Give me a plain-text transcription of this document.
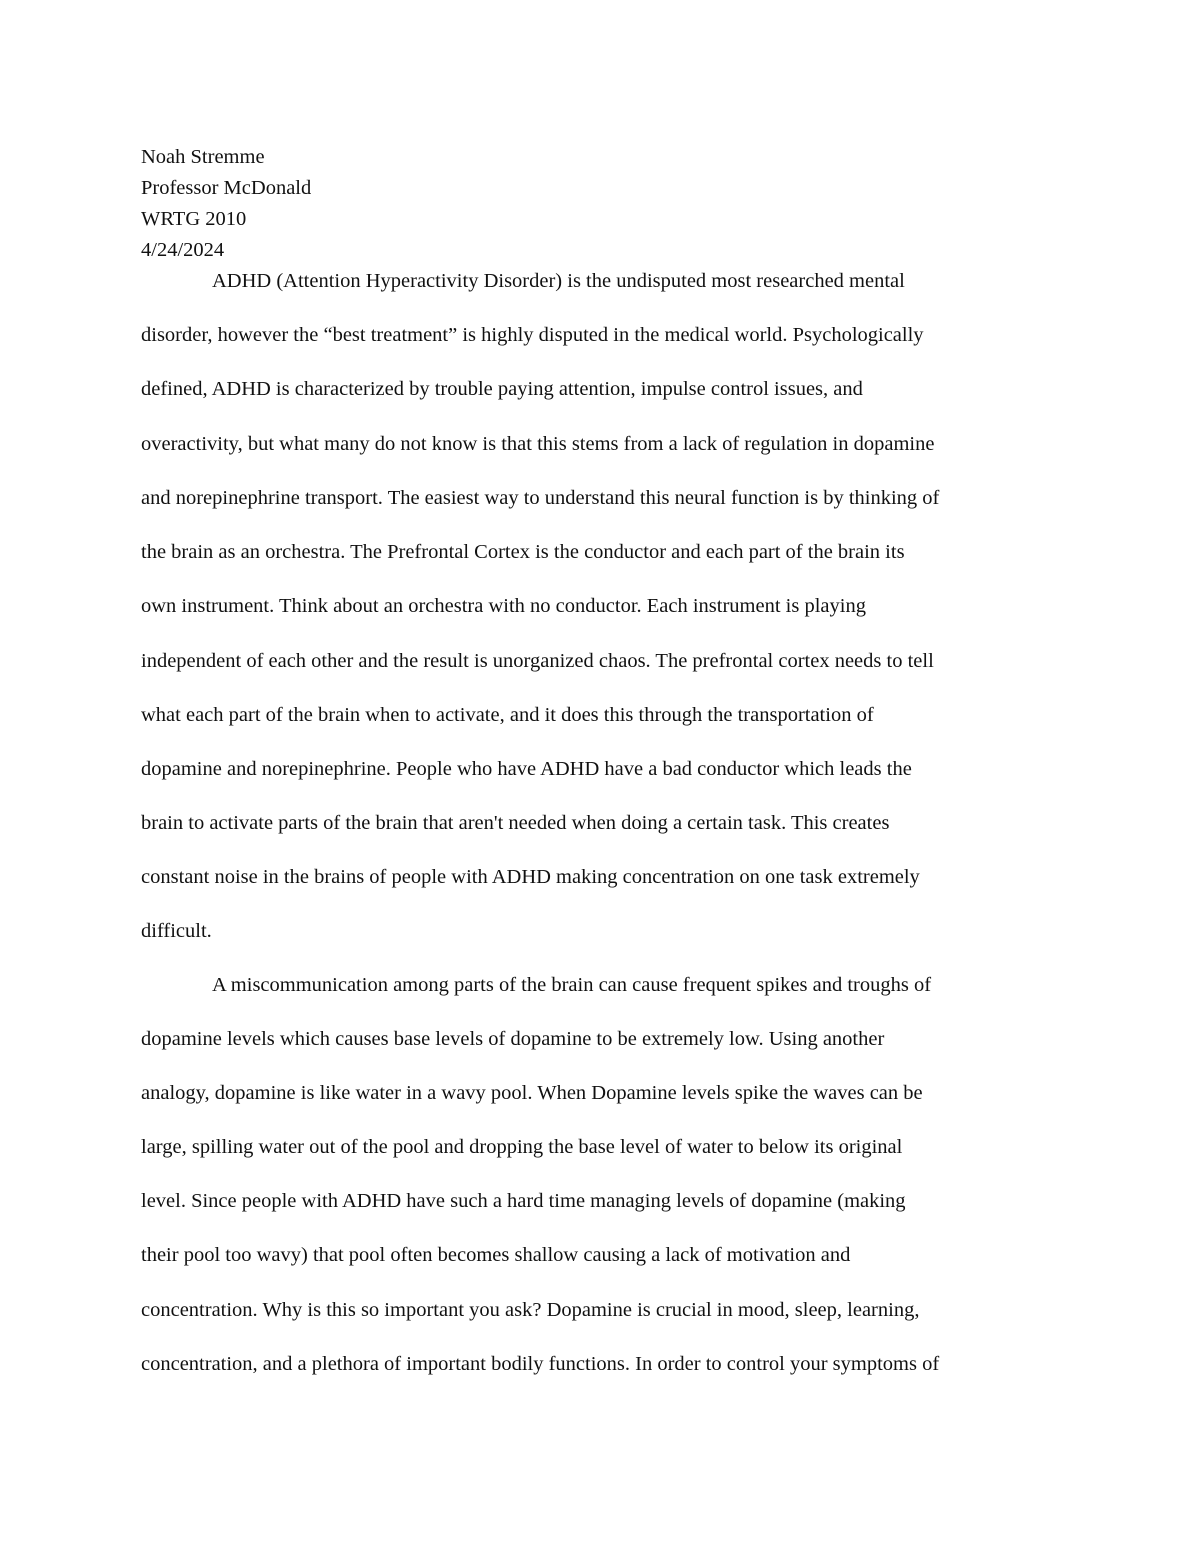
Noah Stremme
Professor McDonald
WRTG 2010
4/24/2024
ADHD (Attention Hyperactivity Disorder) is the undisputed most researched mental
disorder, however the “best treatment” is highly disputed in the medical world. Psychologically
defined, ADHD is characterized by trouble paying attention, impulse control issues, and
overactivity, but what many do not know is that this stems from a lack of regulation in dopamine
and norepinephrine transport. The easiest way to understand this neural function is by thinking of
the brain as an orchestra. The Prefrontal Cortex is the conductor and each part of the brain its
own instrument. Think about an orchestra with no conductor. Each instrument is playing
independent of each other and the result is unorganized chaos. The prefrontal cortex needs to tell
what each part of the brain when to activate, and it does this through the transportation of
dopamine and norepinephrine. People who have ADHD have a bad conductor which leads the
brain to activate parts of the brain that aren't needed when doing a certain task. This creates
constant noise in the brains of people with ADHD making concentration on one task extremely
difficult.
A miscommunication among parts of the brain can cause frequent spikes and troughs of
dopamine levels which causes base levels of dopamine to be extremely low. Using another
analogy, dopamine is like water in a wavy pool. When Dopamine levels spike the waves can be
large, spilling water out of the pool and dropping the base level of water to below its original
level. Since people with ADHD have such a hard time managing levels of dopamine (making
their pool too wavy) that pool often becomes shallow causing a lack of motivation and
concentration. Why is this so important you ask? Dopamine is crucial in mood, sleep, learning,
concentration, and a plethora of important bodily functions. In order to control your symptoms of
